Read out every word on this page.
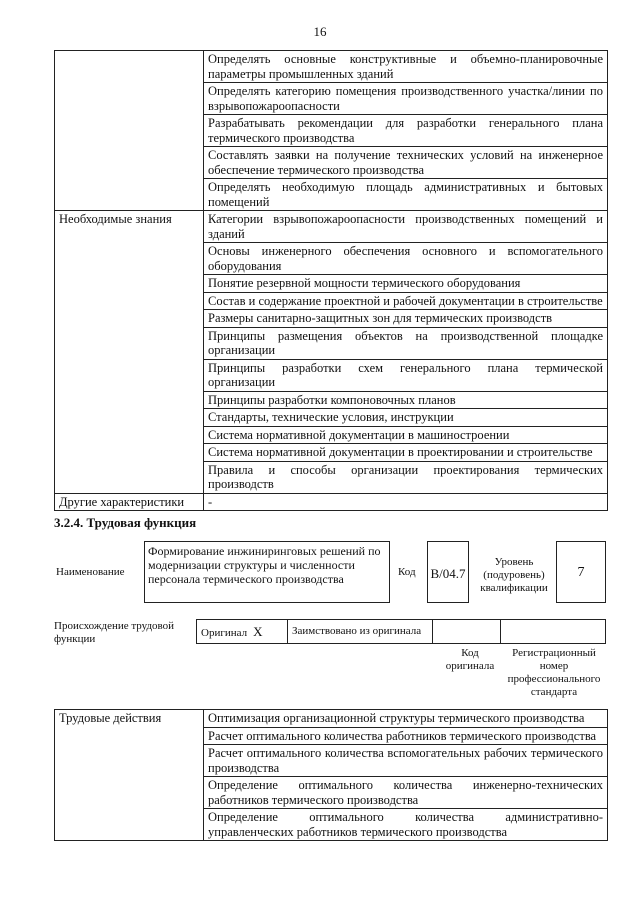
16
	Определять основные конструктивные и объемно-планировочные параметры промышленных зданий
	Определять категорию помещения производственного участка/линии по взрывопожароопасности
	Разрабатывать рекомендации для разработки генерального плана термического производства
	Составлять заявки на получение технических условий на инженерное обеспечение термического производства
	Определять необходимую площадь административных и бытовых помещений
Необходимые знания	Категории взрывопожароопасности производственных помещений и зданий
	Основы инженерного обеспечения основного и вспомогательного оборудования
	Понятие резервной мощности термического оборудования
	Состав и содержание проектной и рабочей документации в строительстве
	Размеры санитарно-защитных зон для термических производств
	Принципы размещения объектов на производственной площадке организации
	Принципы разработки схем генерального плана термической организации
	Принципы разработки компоновочных планов
	Стандарты, технические условия, инструкции
	Система нормативной документации в машиностроении
	Система нормативной документации в проектировании и строительстве
	Правила и способы организации проектирования термических производств
Другие характеристики	-
3.2.4. Трудовая функция
Наименование
Формирование инжиниринговых решений по модернизации структуры и численности персонала термического производства	Код B/04.7
Уровень (подуровень) квалификации
7
Происхождение трудовой функции	Оригинал X	Заимствовано из оригинала
Код оригинала
Регистрационный номер профессионального стандарта
Трудовые действия	Оптимизация организационной структуры термического производства
Расчет оптимального количества работников термического производства
Расчет оптимального количества вспомогательных рабочих термического производства
Определение оптимального количества инженерно-технических работников термического производства
Определение оптимального количества административно-управленческих работников термического производства
